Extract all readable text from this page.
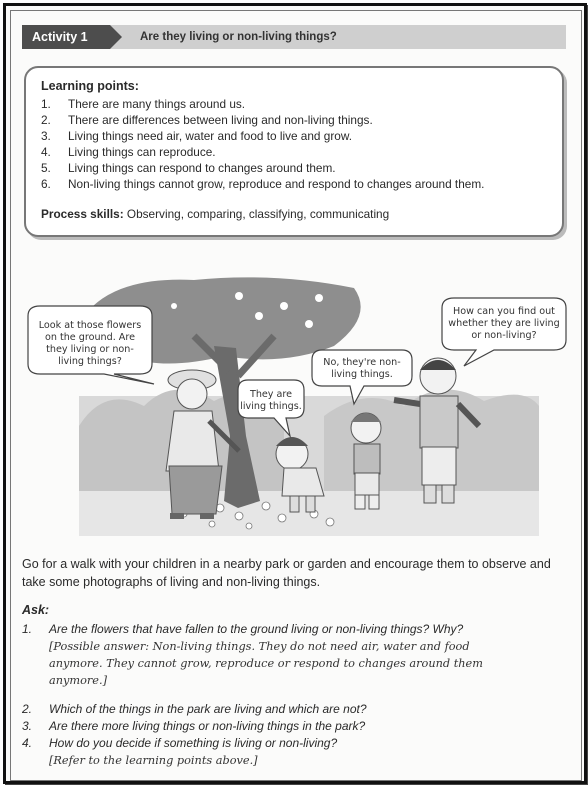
Activity 1	Are they living or non-living things?
Learning points:
1. There are many things around us.
2. There are differences between living and non-living things.
3. Living things need air, water and food to live and grow.
4. Living things can reproduce.
5. Living things can respond to changes around them.
6. Non-living things cannot grow, reproduce and respond to changes around them.
Process skills: Observing, comparing, classifying, communicating
Look at those flowers
on the ground. Are
they living or non-
living things?
They are
living things.
No, they're non-
living things.
How can you find out
whether they are living
or non-living?
Go for a walk with your children in a nearby park or garden and encourage them to observe and take some photographs of living and non-living things.
Ask:
1. Are the flowers that have fallen to the ground living or non-living things? Why?
[Possible answer: Non-living things. They do not need air, water and food
anymore. They cannot grow, reproduce or respond to changes around them
anymore.]
2. Which of the things in the park are living and which are not?
3. Are there more living things or non-living things in the park?
4. How do you decide if something is living or non-living?
[Refer to the learning points above.]
